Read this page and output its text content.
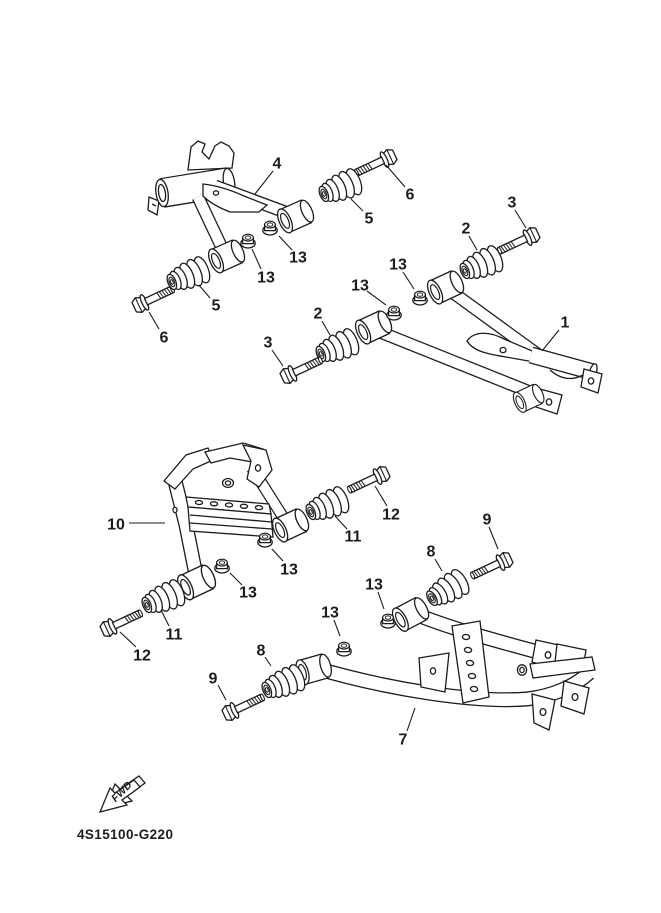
4
6
5
3
2
13
13
1
13
13
5
6
2
3
10
12
11
13
13
11
12
9
8
13
13
8
9
7
FWD
4S15100-G220
